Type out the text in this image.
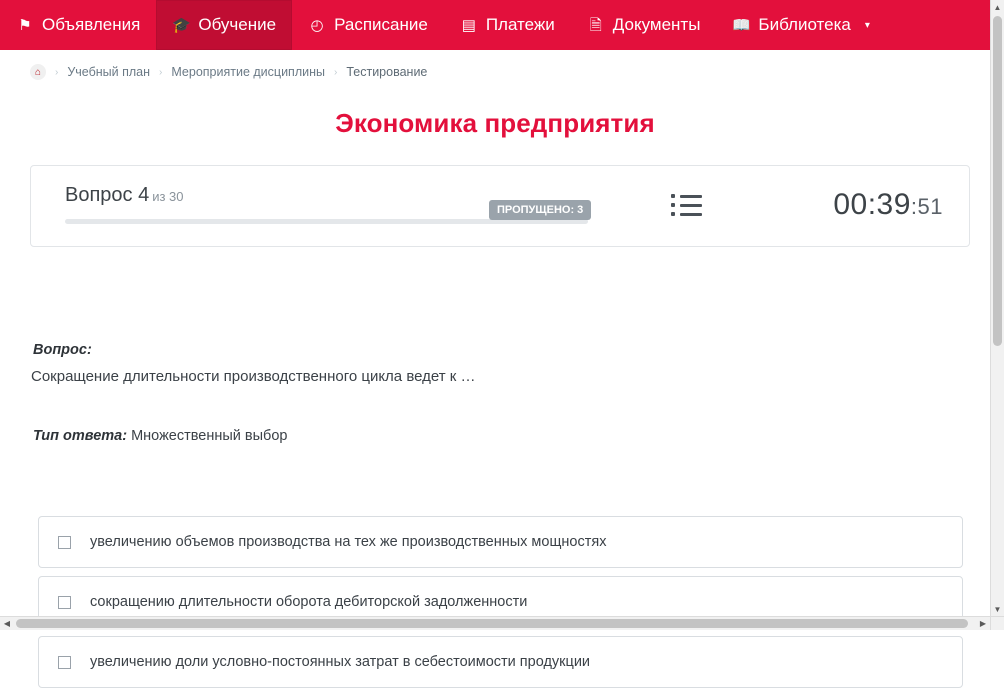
⚑ Объявления 🎓 Обучение ◴ Расписание ▤ Платежи 🗎 Документы 📖 Библиотека ▾
⌂	› Учебный план › Мероприятие дисциплины › Тестирование
Экономика предприятия
Вопрос 4 из 30
ПРОПУЩЕНО: 3	00:39:51
Вопрос:
Сокращение длительности производственного цикла ведет к …
Тип ответа: Множественный выбор
увеличению объемов производства на тех же производственных мощностях
сокращению длительности оборота дебиторской задолженности
увеличению доли условно-постоянных затрат в себестоимости продукции
▲
▼
◀	▶
